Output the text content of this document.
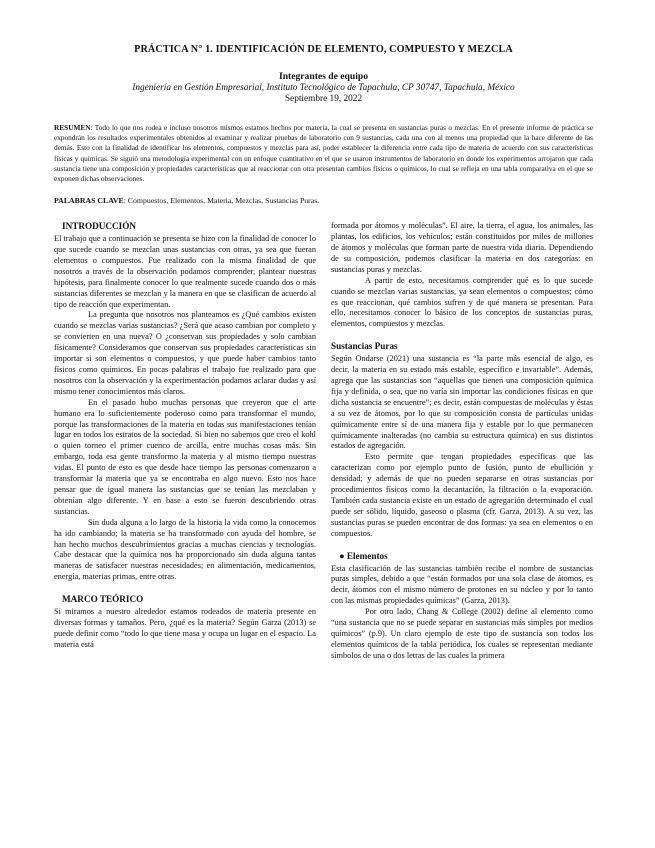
PRÁCTICA N° 1. IDENTIFICACIÓN DE ELEMENTO, COMPUESTO Y MEZCLA
Integrantes de equipo
Ingeniería en Gestión Empresarial, Instituto Tecnológico de Tapachula, CP 30747, Tapachula, México
Septiembre 19, 2022
RESUMEN: Todo lo que nos rodea e incluso nosotros mismos estamos hechos por materia, la cual se presenta en sustancias puras o mezclas. En el presente informe de práctica se expondrán los resultados experimentales obtenidos al examinar y realizar pruebas de laboratorio con 9 sustancias, cada una con al menos una propiedad que la hace diferente de las demás. Esto con la finalidad de identificar los elementos, compuestos y mezclas para así, poder establecer la diferencia entre cada tipo de materia de acuerdo con sus características físicas y químicas. Se siguió una metodología experimental con un enfoque cuantitativo en el que se usaron instrumentos de laboratorio en donde los experimentos arrojaron que cada sustancia tiene una composición y propiedades características que al reaccionar con otra presentan cambios físicos o químicos, lo cual se refleja en una tabla comparativa en el que se exponen dichas observaciones.
PALABRAS CLAVE: Compuestos, Elementos, Materia, Mezclas, Sustancias Puras.
INTRODUCCIÓN

El trabajo que a continuación se presenta se hizo con la finalidad de conocer lo que sucede cuando se mezclan unas sustancias con otras, ya sea que fueran elementos o compuestos. Fue realizado con la misma finalidad de que nosotros a través de la observación podamos comprender, plantear nuestras hipótesis, para finalmente conocer lo que realmente sucede cuando dos o más sustancias diferentes se mezclan y la manera en que se clasifican de acuerdo al tipo de reacción que experimentan.

La pregunta que nosotros nos planteamos es ¿Qué cambios existen cuando se mezclas varias sustancias? ¿Será que acaso cambian por completo y se convierten en una nueva? O ¿conservan sus propiedades y solo cambian físicamente? Consideramos que conservan sus propiedades características sin importar si son elementos o compuestos, y que puede haber cambios tanto físicos como químicos. En pocas palabras el trabajo fue realizado para que nosotros con la observación y la experimentación podamos aclarar dudas y así mismo tener conocimientos más claros.

En el pasado hubo muchas personas que creyeron que el arte humano era lo suficientemente poderoso como para transformar el mundo, porque las transformaciones de la materia en todas sus manifestaciones tenían lugar en todos los estratos de la sociedad. Si bien no sabemos que creo el kohl o quien torneo el primer cuenco de arcilla, entre muchas cosas más. Sin embargo, toda esa gente transformo la materia y al mismo tiempo nuestras vidas. El punto de esto es que desde hace tiempo las personas comenzaron a transformar la materia que ya se encontraba en algo nuevo. Esto nos hace pensar que de igual manera las sustancias que se tenían las mezclaban y obtenían algo diferente. Y en base a esto se fueron descubriendo otras sustancias.

Sin duda alguna a lo largo de la historia la vida como la conocemos ha ido cambiando; la materia se ha transformado con ayuda del hombre, se han hecho muchos descubrimientos gracias a muchas ciencias y tecnologías. Cabe destacar que la química nos ha proporcionado sin duda alguna tantas maneras de satisfacer nuestras necesidades; en alimentación, medicamentos, energía, materias primas, entre otras.

MARCO TEÓRICO

Si miramos a nuestro alrededor estamos rodeados de materia presente en diversas formas y tamaños. Pero, ¿qué es la materia? Según Garza (2013) se puede definir como “todo lo que tiene masa y ocupa un lugar en el espacio. La materia está

formada por átomos y moléculas”. El aire, la tierra, el agua, los animales, las plantas, los edificios, los vehículos; están constituidos por miles de millones de átomos y moléculas que forman parte de nuestra vida diaria. Dependiendo de su composición, podemos clasificar la materia en dos categorías: en sustancias puras y mezclas.

A partir de esto, necesitamos comprender qué es lo que sucede cuando se mezclan varias sustancias, ya sean elementos o compuestos; cómo es que reaccionan, qué cambios sufren y de qué manera se presentan. Para ello, necesitamos conocer lo básico de los conceptos de sustancias puras, elementos, compuestos y mezclas.

Sustancias Puras

Según Ondarse (2021) una sustancia es “la parte más esencial de algo, es decir, la materia en su estado más estable, específico e invariable”. Además, agrega que las sustancias son “aquellas que tienen una composición química fija y definida, o sea, que no varía sin importar las condiciones físicas en que dicha sustancia se encuentre”; es decir, están compuestas de moléculas y éstas a su vez de átomos, por lo que su composición consta de partículas unidas químicamente entre sí de una manera fija y estable por lo que permanecen químicamente inalteradas (no cambia su estructura química) en sus distintos estados de agregación.

Esto permite que tengan propiedades específicas que las caracterizan como por ejemplo punto de fusión, punto de ebullición y densidad; y además de que no pueden separarse en otras sustancias por procedimientos físicos como la decantación, la filtración o la evaporación. También cada sustancia existe en un estado de agregación determinado el cual puede ser sólido, líquido, gaseoso o plasma (cfr. Garza, 2013). A su vez, las sustancias puras se pueden encontrar de dos formas: ya sea en elementos o en compuestos.

● Elementos

Esta clasificación de las sustancias también recibe el nombre de sustancias puras simples, debido a que “están formados por una sola clase de átomos, es decir, átomos con el mismo número de protones en su núcleo y por lo tanto con las mismas propiedades químicas” (Garza, 2013).

Por otro lado, Chang & College (2002) define al elemento como “una sustancia que no se puede separar en sustancias más simples por medios químicos” (p.9). Un claro ejemplo de este tipo de sustancia son todos los elementos químicos de la tabla periódica, los cuales se representan mediante símbolos de una o dos letras de las cuales la primera
